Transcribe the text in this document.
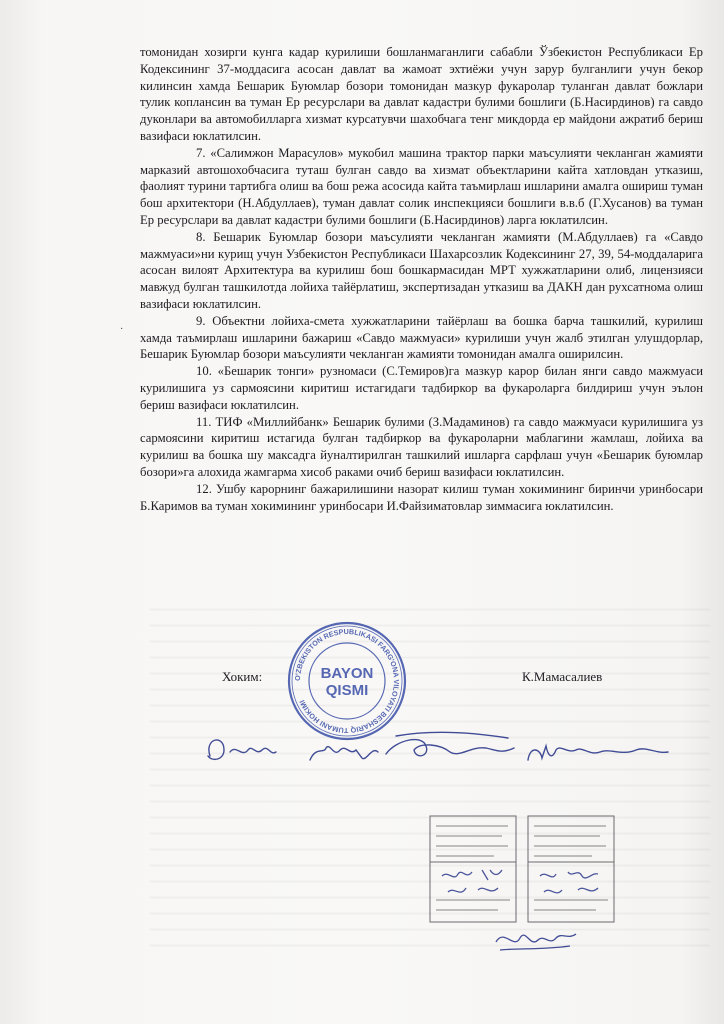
томонидан хозирги кунга кадар курилиши бошланмаганлиги сабабли Ўзбекистон Республикаси Ер Кодексининг 37-моддасига асосан давлат ва жамоат эхтиёжи учун зарур булганлиги учун бекор килинсин хамда Бешарик Буюмлар бозори томонидан мазкур фукаролар туланган давлат божлари тулик коплансин ва туман Ер ресурслари ва давлат кадастри булими бошлиги (Б.Насирдинов) га савдо дуконлари ва автомобилларга хизмат курсатувчи шахобчага тенг микдорда ер майдони ажратиб бериш вазифаси юклатилсин.

7. «Салимжон Марасулов» мукобил машина трактор парки маъсулияти чекланган жамияти марказий автошохобчасига туташ булган савдо ва хизмат объектларини кайта хатловдан утказиш, фаолият турини тартибга олиш ва бош режа асосида кайта таъмирлаш ишларини амалга ошириш туман бош архитектори (Н.Абдуллаев), туман давлат солик инспекцияси бошлиги в.в.б (Г.Хусанов) ва туман Ер ресурслари ва давлат кадастри булими бошлиги (Б.Насирдинов) ларга юклатилсин.

8. Бешарик Буюмлар бозори маъсулияти чекланган жамияти (М.Абдуллаев) га «Савдо мажмуаси»ни курищ учун Узбекистон Республикаси Шахарсозлик Кодексининг 27, 39, 54-моддаларига асосан вилоят Архитектура ва курилиш бош бошкармасидан МРТ хужжатларини олиб, лицензияси мавжуд булган ташкилотда лойиха тайёрлатиш, экспертизадан утказиш ва ДАКН дан рухсатнома олиш вазифаси юклатилсин.

9. Объектни лойиха-смета хужжатларини тайёрлаш ва бошка барча ташкилий, курилиш хамда таъмирлаш ишларини бажариш «Савдо мажмуаси» курилиши учун жалб этилган улушдорлар, Бешарик Буюмлар бозори маъсулияти чекланган жамияти томонидан амалга оширилсин.

10. «Бешарик тонги» рузномаси (С.Темиров)га мазкур карор билан янги савдо мажмуаси курилишига уз сармоясини киритиш истагидаги тадбиркор ва фукароларга билдириш учун эълон бериш вазифаси юклатилсин.

11. ТИФ «Миллийбанк» Бешарик булими (З.Мадаминов) га савдо мажмуаси курилишига уз сармоясини киритиш истагида булган тадбиркор ва фукароларни маблагини жамлаш, лойиха ва курилиш ва бошка шу максадга йуналтирилган ташкилий ишларга сарфлаш учун «Бешарик буюмлар бозори»га алохида жамгарма хисоб раками очиб бериш вазифаси юклатилсин.

12. Ушбу карорнинг бажарилишини назорат килиш туман хокимининг биринчи уринбосари Б.Каримов ва туман хокимининг уринбосари И.Файзиматовлар зиммасига юклатилсин.

·
Хоким:	К.Мамасалиев
O'ZBEKISTON RESPUBLIKASI FARG'ONA VILOYATI BESHARIQ TUMANI HOKIMI
BAYON
QISMI
